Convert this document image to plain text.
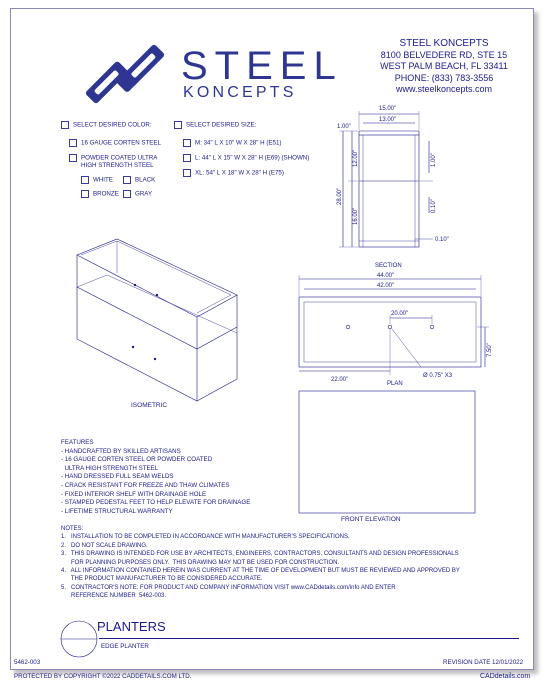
STEEL
KONCEPTS
STEEL KONCEPTS
8100 BELVEDERE RD, STE 15
WEST PALM BEACH, FL 33411
PHONE: (833) 783-3556
www.steelkoncepts.com
SELECT DESIRED COLOR:
16 GAUGE CORTEN STEEL
POWDER COATED ULTRA
HIGH STRENGTH STEEL
WHITE	BLACK
BRONZE	GRAY
SELECT DESIRED SIZE:
M: 34" L X 10" W X 28" H (E51)
L: 44" L X 15" W X 28" H (E69) (SHOWN)
XL: 54" L X 18" W X 28" H (E75)
15.00"
13.00"
1.00"
12.00"
28.00"
16.00"
1.00"
0.10"
0.10"
SECTION
44.00"
42.00"
20.00"
7.50"
22.00"
Ø 0.75" X3
PLAN
ISOMETRIC
FRONT ELEVATION
FEATURES
- HANDCRAFTED BY SKILLED ARTISANS
- 16 GAUGE CORTEN STEEL OR POWDER COATED
ULTRA HIGH STRENGTH STEEL
- HAND DRESSED FULL SEAM WELDS
- CRACK RESISTANT FOR FREEZE AND THAW CLIMATES
- FIXED INTERIOR SHELF WITH DRAINAGE HOLE
- STAMPED PEDESTAL FEET TO HELP ELEVATE FOR DRAINAGE
- LIFETIME STRUCTURAL WARRANTY
NOTES:
1.   INSTALLATION TO BE COMPLETED IN ACCORDANCE WITH MANUFACTURER'S SPECIFICATIONS.
2.   DO NOT SCALE DRAWING.
3.   THIS DRAWING IS INTENDED FOR USE BY ARCHITECTS, ENGINEERS, CONTRACTORS, CONSULTANTS AND DESIGN PROFESSIONALS
FOR PLANNING PURPOSES ONLY.  THIS DRAWING MAY NOT BE USED FOR CONSTRUCTION.
4.   ALL INFORMATION CONTAINED HEREIN WAS CURRENT AT THE TIME OF DEVELOPMENT BUT MUST BE REVIEWED AND APPROVED BY
THE PRODUCT MANUFACTURER TO BE CONSIDERED ACCURATE.
5.   CONTRACTOR'S NOTE: FOR PRODUCT AND COMPANY INFORMATION VISIT www.CADdetails.com/info AND ENTER
REFERENCE NUMBER  5462-003.
PLANTERS
EDGE PLANTER
5462-003	REVISION DATE 12/01/2022
PROTECTED BY COPYRIGHT ©2022 CADDETAILS.COM LTD.	CADdetails.com
